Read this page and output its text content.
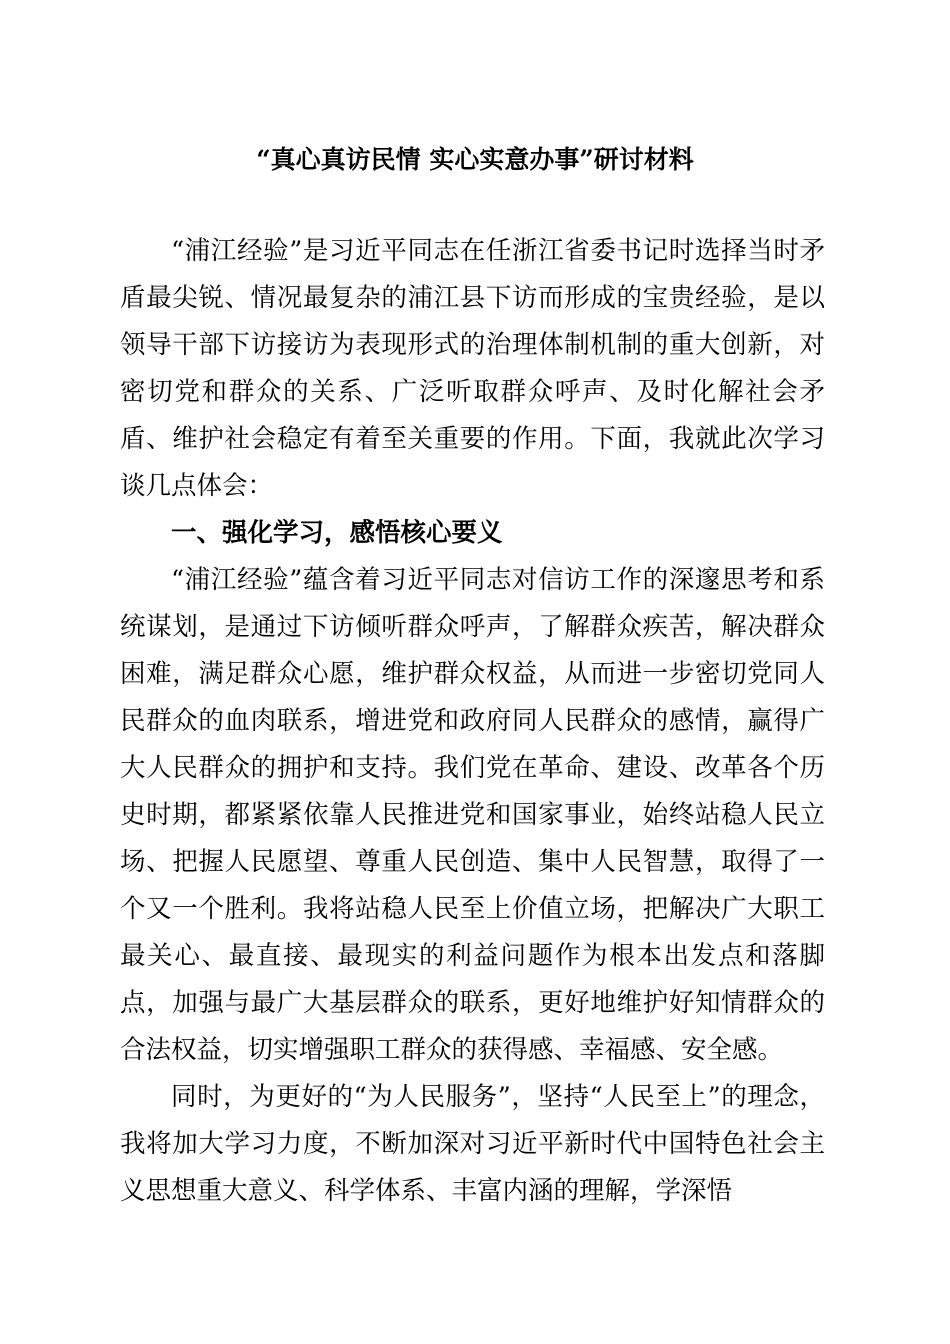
“真心真访民情 实心实意办事”研讨材料

“浦江经验”是习近平同志在任浙江省委书记时选择当时矛盾最尖锐、情况最复杂的浦江县下访而形成的宝贵经验，是以领导干部下访接访为表现形式的治理体制机制的重大创新，对密切党和群众的关系、广泛听取群众呼声、及时化解社会矛盾、维护社会稳定有着至关重要的作用。下面，我就此次学习谈几点体会：

一、强化学习，感悟核心要义

“浦江经验”蕴含着习近平同志对信访工作的深邃思考和系统谋划，是通过下访倾听群众呼声，了解群众疾苦，解决群众困难，满足群众心愿，维护群众权益，从而进一步密切党同人民群众的血肉联系，增进党和政府同人民群众的感情，赢得广大人民群众的拥护和支持。我们党在革命、建设、改革各个历史时期，都紧紧依靠人民推进党和国家事业，始终站稳人民立场、把握人民愿望、尊重人民创造、集中人民智慧，取得了一个又一个胜利。我将站稳人民至上价值立场，把解决广大职工最关心、最直接、最现实的利益问题作为根本出发点和落脚点，加强与最广大基层群众的联系，更好地维护好知情群众的合法权益，切实增强职工群众的获得感、幸福感、安全感。

同时，为更好的“为人民服务”，坚持“人民至上”的理念，我将加大学习力度，不断加深对习近平新时代中国特色社会主义思想重大意义、科学体系、丰富内涵的理解，学深悟
